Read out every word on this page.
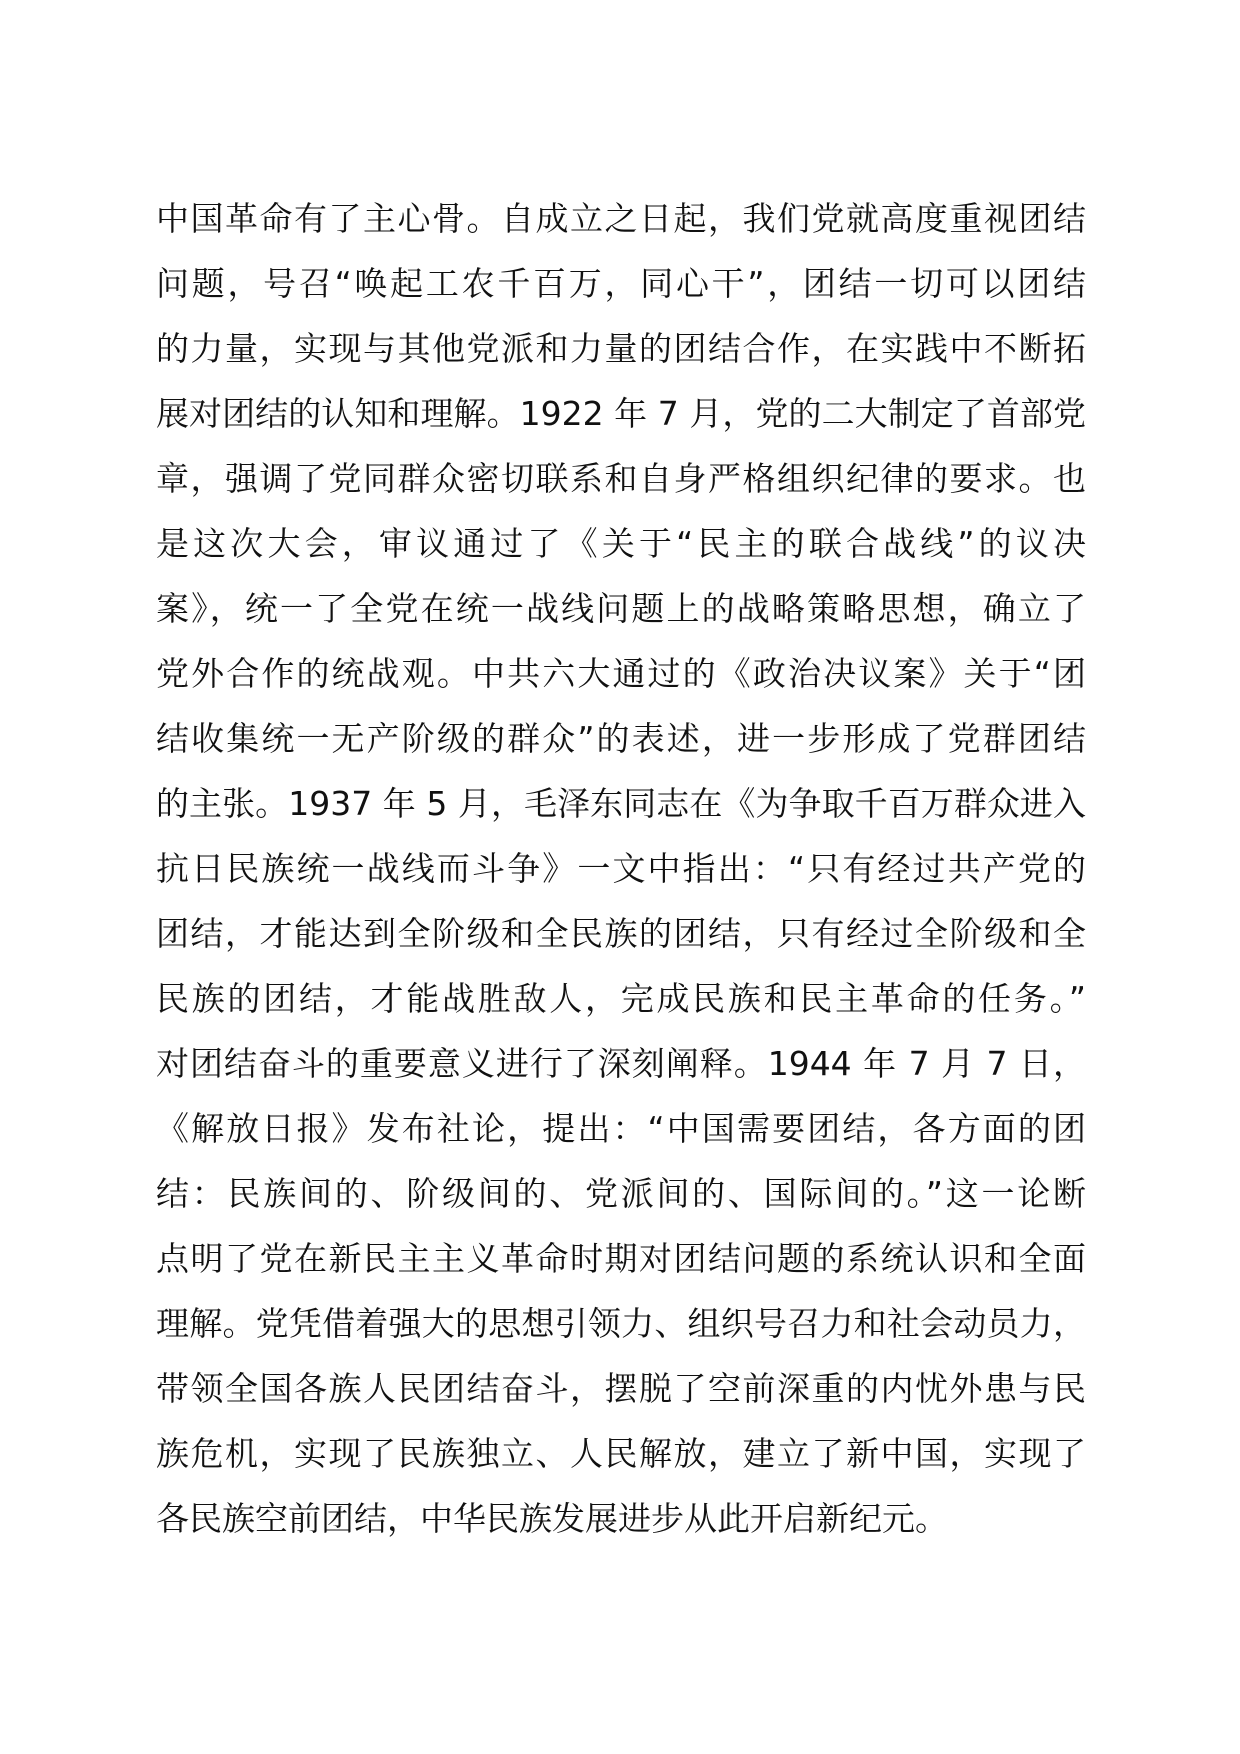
中国革命有了主心骨。自成立之日起，我们党就高度重视团结
问题，号召“唤起工农千百万，同心干”，团结一切可以团结
的力量，实现与其他党派和力量的团结合作，在实践中不断拓
展对团结的认知和理解。1922 年 7 月，党的二大制定了首部党
章，强调了党同群众密切联系和自身严格组织纪律的要求。也
是这次大会，审议通过了《关于“民主的联合战线”的议决
案》，统一了全党在统一战线问题上的战略策略思想，确立了
党外合作的统战观。中共六大通过的《政治决议案》关于“团
结收集统一无产阶级的群众”的表述，进一步形成了党群团结
的主张。1937 年 5 月，毛泽东同志在《为争取千百万群众进入
抗日民族统一战线而斗争》一文中指出：“只有经过共产党的
团结，才能达到全阶级和全民族的团结，只有经过全阶级和全
民族的团结，才能战胜敌人，完成民族和民主革命的任务。”
对团结奋斗的重要意义进行了深刻阐释。1944 年 7 月 7 日，
《解放日报》发布社论，提出：“中国需要团结，各方面的团
结：民族间的、阶级间的、党派间的、国际间的。”这一论断
点明了党在新民主主义革命时期对团结问题的系统认识和全面
理解。党凭借着强大的思想引领力、组织号召力和社会动员力，
带领全国各族人民团结奋斗，摆脱了空前深重的内忧外患与民
族危机，实现了民族独立、人民解放，建立了新中国，实现了
各民族空前团结，中华民族发展进步从此开启新纪元。
